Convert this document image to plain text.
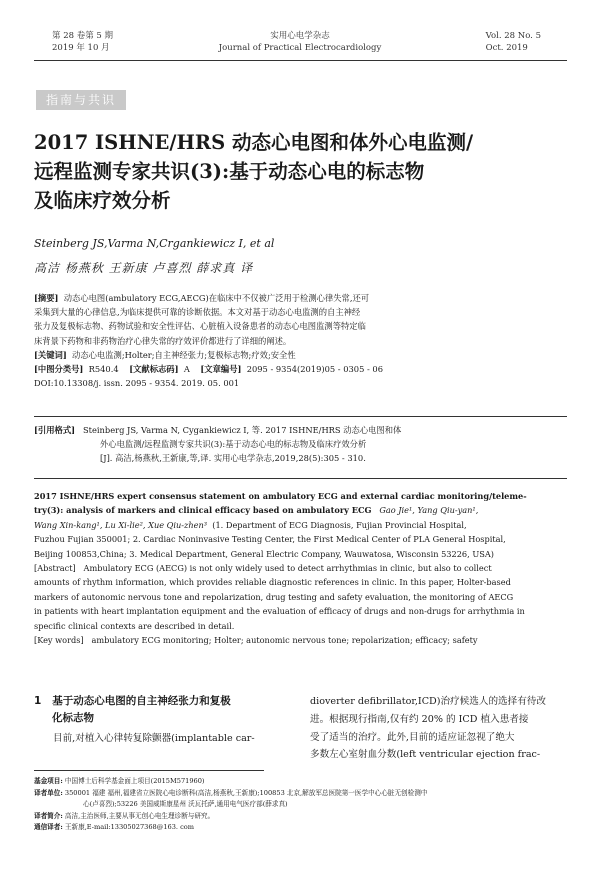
第 28 卷第 5 期
2019 年 10 月
实用心电学杂志
Journal of Practical Electrocardiology
Vol. 28 No. 5
Oct. 2019
指南与共识
2017 ISHNE/HRS 动态心电图和体外心电监测/
远程监测专家共识(3):基于动态心电的标志物
及临床疗效分析
Steinberg JS,Varma N,Crgankiewicz I, et al
高洁 杨燕秋 王新康 卢喜烈 薛求真 译
[摘要] 动态心电图(ambulatory ECG,AECG)在临床中不仅被广泛用于检测心律失常,还可
采集到大量的心律信息,为临床提供可靠的诊断依据。本文对基于动态心电监测的自主神经
张力及复极标志物、药物试验和安全性评估、心脏植入设备患者的动态心电图监测等特定临
床背景下药物和非药物治疗心律失常的疗效评价都进行了详细的阐述。
[关键词] 动态心电监测;Holter;自主神经张力;复极标志物;疗效;安全性
[中图分类号] R540.4 [文献标志码] A [文章编号] 2095 - 9354(2019)05 - 0305 - 06
DOI:10.13308/j. issn. 2095 - 9354. 2019. 05. 001
[引用格式] Steinberg JS, Varma N, Cygankiewicz I, 等. 2017 ISHNE/HRS 动态心电图和体
外心电监测/远程监测专家共识(3):基于动态心电的标志物及临床疗效分析
[J]. 高洁,杨燕秋,王新康,等,译. 实用心电学杂志,2019,28(5):305 - 310.
2017 ISHNE/HRS expert consensus statement on ambulatory ECG and external cardiac monitoring/teleme-
try(3): analysis of markers and clinical efficacy based on ambulatory ECG Gao Jie¹, Yang Qiu-yan¹,
Wang Xin-kang¹, Lu Xi-lie², Xue Qiu-zhen³ (1. Department of ECG Diagnosis, Fujian Provincial Hospital,
Fuzhou Fujian 350001; 2. Cardiac Noninvasive Testing Center, the First Medical Center of PLA General Hospital,
Beijing 100853,China; 3. Medical Department, General Electric Company, Wauwatosa, Wisconsin 53226, USA)
[Abstract] Ambulatory ECG (AECG) is not only widely used to detect arrhythmias in clinic, but also to collect
amounts of rhythm information, which provides reliable diagnostic references in clinic. In this paper, Holter-based
markers of autonomic nervous tone and repolarization, drug testing and safety evaluation, the monitoring of AECG
in patients with heart implantation equipment and the evaluation of efficacy of drugs and non-drugs for arrhythmia in
specific clinical contexts are described in detail.
[Key words] ambulatory ECG monitoring; Holter; autonomic nervous tone; repolarization; efficacy; safety
1 基于动态心电图的自主神经张力和复极
化标志物
目前,对植入心律转复除颤器(implantable car-
dioverter defibrillator,ICD)治疗候选人的选择有待改
进。根据现行指南,仅有约 20% 的 ICD 植入患者接
受了适当的治疗。此外,目前的适应证忽视了绝大
多数左心室射血分数(left ventricular ejection frac-
基金项目: 中国博士后科学基金面上项目(2015M571960)
译者单位: 350001 福建 福州,福建省立医院心电诊断科(高洁,杨燕秋,王新康);100853 北京,解放军总医院第一医学中心心脏无创检测中
心(卢喜烈);53226 美国威斯康星州 沃瓦托萨,通用电气医疗部(薛求真)
译者简介: 高洁,主治医师,主要从事无创心电生理诊断与研究。
通信译者: 王新康,E-mail:13305027368@163. com
